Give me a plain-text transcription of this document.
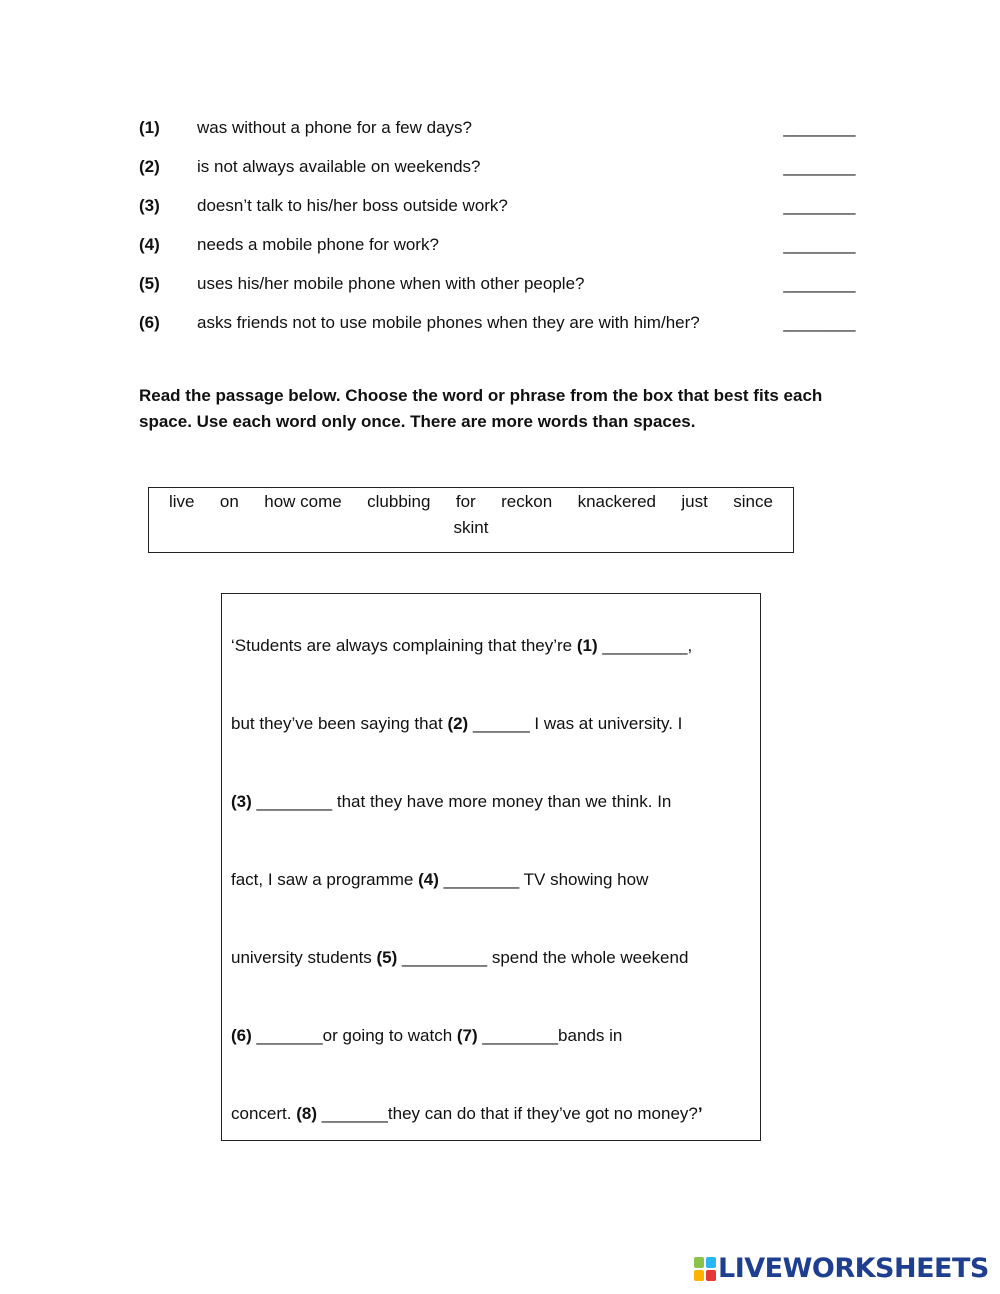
(1) was without a phone for a few days?	________
(2) is not always available on weekends?	________
(3) doesn’t talk to his/her boss outside work?	________
(4) needs a mobile phone for work?	________
(5) uses his/her mobile phone when with other people?	________
(6) asks friends not to use mobile phones when they are with him/her?	________
Read the passage below. Choose the word or phrase from the box that best fits each space. Use each word only once. There are more words than spaces.
live on how come clubbing for reckon knackered just since
skint
‘Students are always complaining that they’re (1) _________,
but they’ve been saying that (2) ______ I was at university. I
(3) ________ that they have more money than we think. In
fact, I saw a programme (4) ________ TV showing how
university students (5) _________ spend the whole weekend
(6) _______or going to watch (7) ________bands in
concert. (8) _______they can do that if they’ve got no money?’
LIVEWORKSHEETS
